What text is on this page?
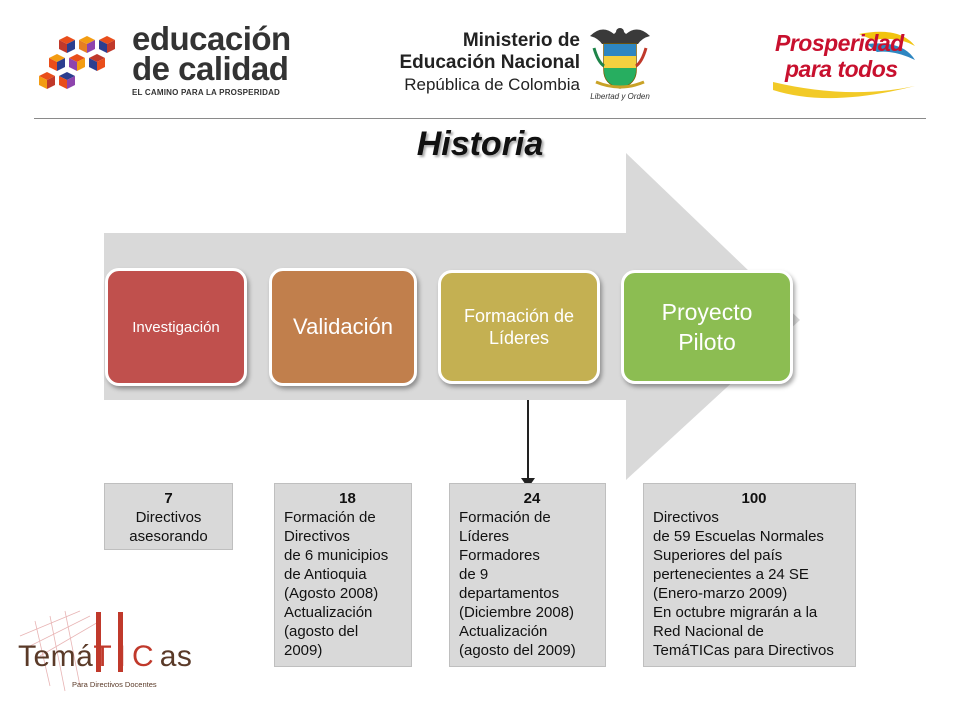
educación
de calidad
EL CAMINO PARA LA PROSPERIDAD
Ministerio de
Educación Nacional
República de Colombia
Libertad y Orden
Prosperidad
para todos
Historia
Investigación	Validación	Formación de
Líderes
Proyecto
Piloto
7
Directivos
asesorando
18
Formación de
Directivos
de 6 municipios
de Antioquia
(Agosto 2008)
Actualización
(agosto del
2009)
24
Formación de
Líderes
Formadores
de 9
departamentos
(Diciembre 2008)
Actualización
(agosto del 2009)
100
Directivos
de 59 Escuelas Normales
Superiores del país
pertenecientes a 24 SE
(Enero-marzo 2009)
En octubre migrarán a la
Red Nacional de
TemáTICas para Directivos
TemáTICas
Para Directivos Docentes
